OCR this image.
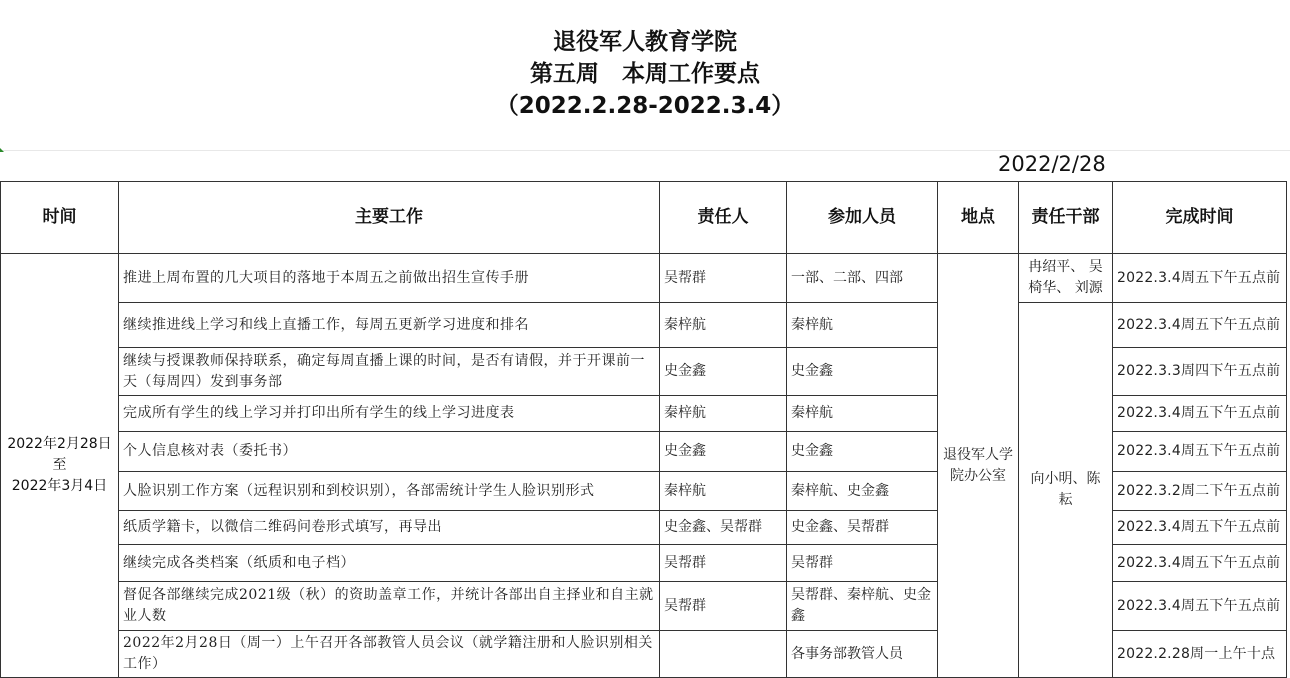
退役军人教育学院
第五周　本周工作要点
（2022.2.28-2022.3.4）
2022/2/28
时间	主要工作	责任人	参加人员	地点	责任干部	完成时间

2022年2月28日
至
2022年3月4日	推进上周布置的几大项目的落地于本周五之前做出招生宣传手册	吴帮群	一部、二部、四部	退役军人学院办公室	冉绍平、 吴 椅华、 刘源	2022.3.4周五下午五点前
	继续推进线上学习和线上直播工作，每周五更新学习进度和排名	秦梓航	秦梓航		向小明、陈 耘	2022.3.4周五下午五点前
	继续与授课教师保持联系，确定每周直播上课的时间，是否有请假，并于开课前一天（每周四）发到事务部	史金鑫	史金鑫			2022.3.3周四下午五点前
	完成所有学生的线上学习并打印出所有学生的线上学习进度表	秦梓航	秦梓航			2022.3.4周五下午五点前
	个人信息核对表（委托书）	史金鑫	史金鑫			2022.3.4周五下午五点前
	人脸识别工作方案（远程识别和到校识别），各部需统计学生人脸识别形式	秦梓航	秦梓航、史金鑫			2022.3.2周二下午五点前
	纸质学籍卡，以微信二维码问卷形式填写，再导出	史金鑫、吴帮群	史金鑫、吴帮群			2022.3.4周五下午五点前
	继续完成各类档案（纸质和电子档）	吴帮群	吴帮群			2022.3.4周五下午五点前
	督促各部继续完成2021级（秋）的资助盖章工作，并统计各部出自主择业和自主就业人数	吴帮群	吴帮群、秦梓航、史金鑫			2022.3.4周五下午五点前
	2022年2月28日（周一）上午召开各部教管人员会议（就学籍注册和人脸识别相关工作）		各事务部教管人员			2022.2.28周一上午十点
